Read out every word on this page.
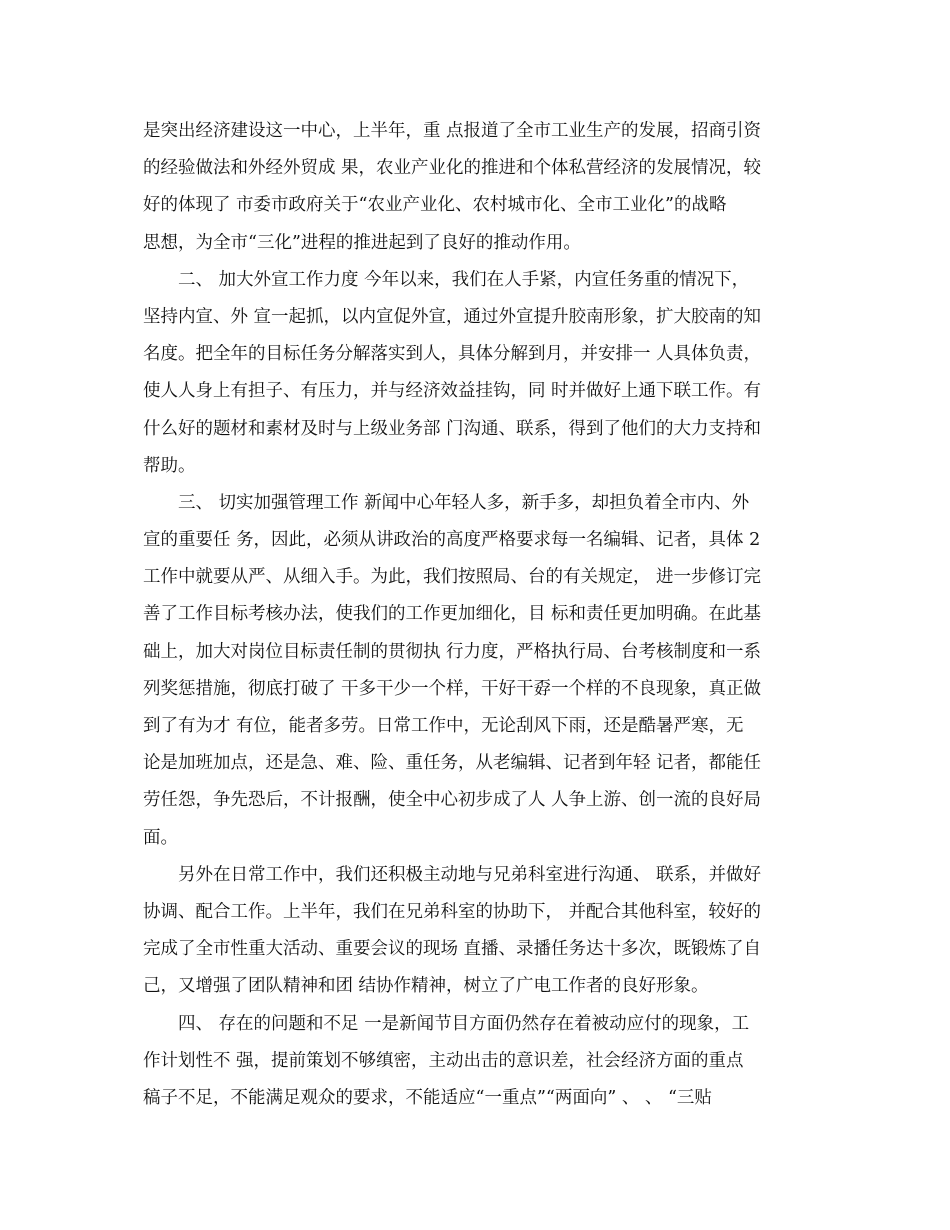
是突出经济建设这一中心，上半年，重 点报道了全市工业生产的发展，招商引资
的经验做法和外经外贸成 果，农业产业化的推进和个体私营经济的发展情况，较
好的体现了 市委市政府关于“农业产业化、农村城市化、全市工业化”的战略
思想，为全市“三化”进程的推进起到了良好的推动作用。
　　二、 加大外宣工作力度 今年以来，我们在人手紧，内宣任务重的情况下，
坚持内宣、外 宣一起抓，以内宣促外宣，通过外宣提升胶南形象，扩大胶南的知
名度。把全年的目标任务分解落实到人，具体分解到月，并安排一 人具体负责，
使人人身上有担子、有压力，并与经济效益挂钩，同 时并做好上通下联工作。有
什么好的题材和素材及时与上级业务部 门沟通、联系，得到了他们的大力支持和
帮助。
　　三、 切实加强管理工作 新闻中心年轻人多，新手多，却担负着全市内、外
宣的重要任 务，因此，必须从讲政治的高度严格要求每一名编辑、记者，具体 2
工作中就要从严、从细入手。为此，我们按照局、台的有关规定， 进一步修订完
善了工作目标考核办法，使我们的工作更加细化，目 标和责任更加明确。在此基
础上，加大对岗位目标责任制的贯彻执 行力度，严格执行局、台考核制度和一系
列奖惩措施，彻底打破了 干多干少一个样，干好干孬一个样的不良现象，真正做
到了有为才 有位，能者多劳。日常工作中，无论刮风下雨，还是酷暑严寒，无
论是加班加点，还是急、难、险、重任务，从老编辑、记者到年轻 记者，都能任
劳任怨，争先恐后，不计报酬，使全中心初步成了人 人争上游、创一流的良好局
面。
　　另外在日常工作中，我们还积极主动地与兄弟科室进行沟通、 联系，并做好
协调、配合工作。上半年，我们在兄弟科室的协助下， 并配合其他科室，较好的
完成了全市性重大活动、重要会议的现场 直播、录播任务达十多次，既锻炼了自
己，又增强了团队精神和团 结协作精神，树立了广电工作者的良好形象。
　　四、 存在的问题和不足 一是新闻节目方面仍然存在着被动应付的现象，工
作计划性不 强，提前策划不够缜密，主动出击的意识差，社会经济方面的重点
稿子不足，不能满足观众的要求，不能适应“一重点”“两面向” 、 、 “三贴
